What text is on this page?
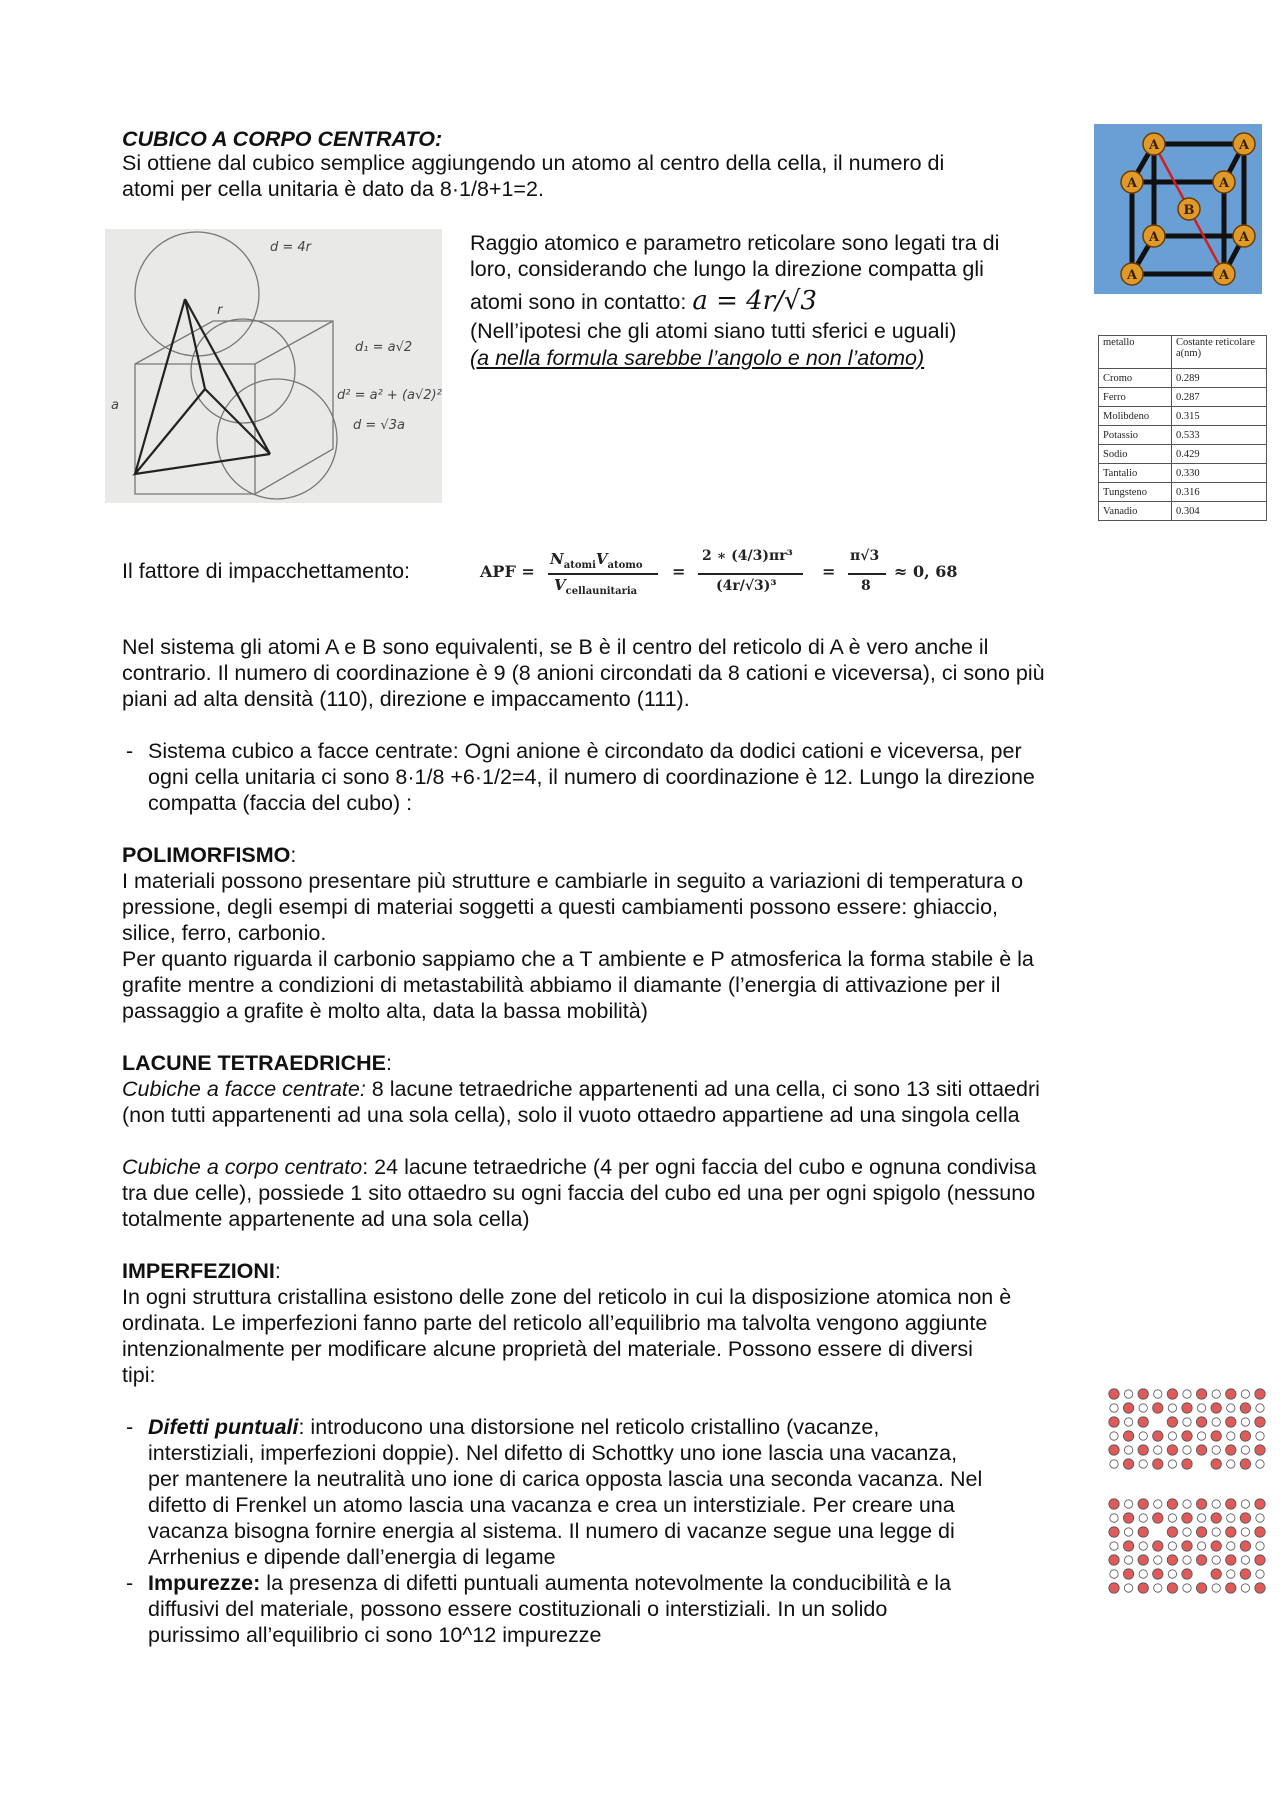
CUBICO A CORPO CENTRATO:
Si ottiene dal cubico semplice aggiungendo un atomo al centro della cella, il numero di
atomi per cella unitaria è dato da 8·1/8+1=2.
d = 4r
r
a
d₁ = a√2
d² = a² + (a√2)²
d = √3a
Raggio atomico e parametro reticolare sono legati tra di
loro, considerando che lungo la direzione compatta gli
atomi sono in contatto: a = 4r/√3
(Nell’ipotesi che gli atomi siano tutti sferici e uguali)
(a nella formula sarebbe l’angolo e non l’atomo)
A	A
A	A
A	A
A	A
B
metallo	Costante reticolare a(nm)
Cromo	0.289
Ferro	0.287
Molibdeno	0.315
Potassio	0.533
Sodio	0.429
Tantalio	0.330
Tungsteno	0.316
Vanadio	0.304
Il fattore di impacchettamento:	APF =
$N_{atomi}V_{atomo}$
$V_{cellaunitaria}$
=
2 ∗ (4/3)πr³
(4r/√3)³
=
π√3
8
≈ 0, 68
Nel sistema gli atomi A e B sono equivalenti, se B è il centro del reticolo di A è vero anche il
contrario. Il numero di coordinazione è 9 (8 anioni circondati da 8 cationi e viceversa), ci sono più
piani ad alta densità (110), direzione e impaccamento (111).
- Sistema cubico a facce centrate: Ogni anione è circondato da dodici cationi e viceversa, per
ogni cella unitaria ci sono 8·1/8 +6·1/2=4, il numero di coordinazione è 12. Lungo la direzione
compatta (faccia del cubo) :
POLIMORFISMO:
I materiali possono presentare più strutture e cambiarle in seguito a variazioni di temperatura o
pressione, degli esempi di materiai soggetti a questi cambiamenti possono essere: ghiaccio,
silice, ferro, carbonio.
Per quanto riguarda il carbonio sappiamo che a T ambiente e P atmosferica la forma stabile è la
grafite mentre a condizioni di metastabilità abbiamo il diamante (l’energia di attivazione per il
passaggio a grafite è molto alta, data la bassa mobilità)
LACUNE TETRAEDRICHE:
Cubiche a facce centrate: 8 lacune tetraedriche appartenenti ad una cella, ci sono 13 siti ottaedri
(non tutti appartenenti ad una sola cella), solo il vuoto ottaedro appartiene ad una singola cella
Cubiche a corpo centrato: 24 lacune tetraedriche (4 per ogni faccia del cubo e ognuna condivisa
tra due celle), possiede 1 sito ottaedro su ogni faccia del cubo ed una per ogni spigolo (nessuno
totalmente appartenente ad una sola cella)
IMPERFEZIONI:
In ogni struttura cristallina esistono delle zone del reticolo in cui la disposizione atomica non è
ordinata. Le imperfezioni fanno parte del reticolo all’equilibrio ma talvolta vengono aggiunte
intenzionalmente per modificare alcune proprietà del materiale. Possono essere di diversi
tipi:
- Difetti puntuali: introducono una distorsione nel reticolo cristallino (vacanze,
interstiziali, imperfezioni doppie). Nel difetto di Schottky uno ione lascia una vacanza,
per mantenere la neutralità uno ione di carica opposta lascia una seconda vacanza. Nel
difetto di Frenkel un atomo lascia una vacanza e crea un interstiziale. Per creare una
vacanza bisogna fornire energia al sistema. Il numero di vacanze segue una legge di
Arrhenius e dipende dall’energia di legame
- Impurezze: la presenza di difetti puntuali aumenta notevolmente la conducibilità e la
diffusivi del materiale, possono essere costituzionali o interstiziali. In un solido
purissimo all’equilibrio ci sono 10^12 impurezze
